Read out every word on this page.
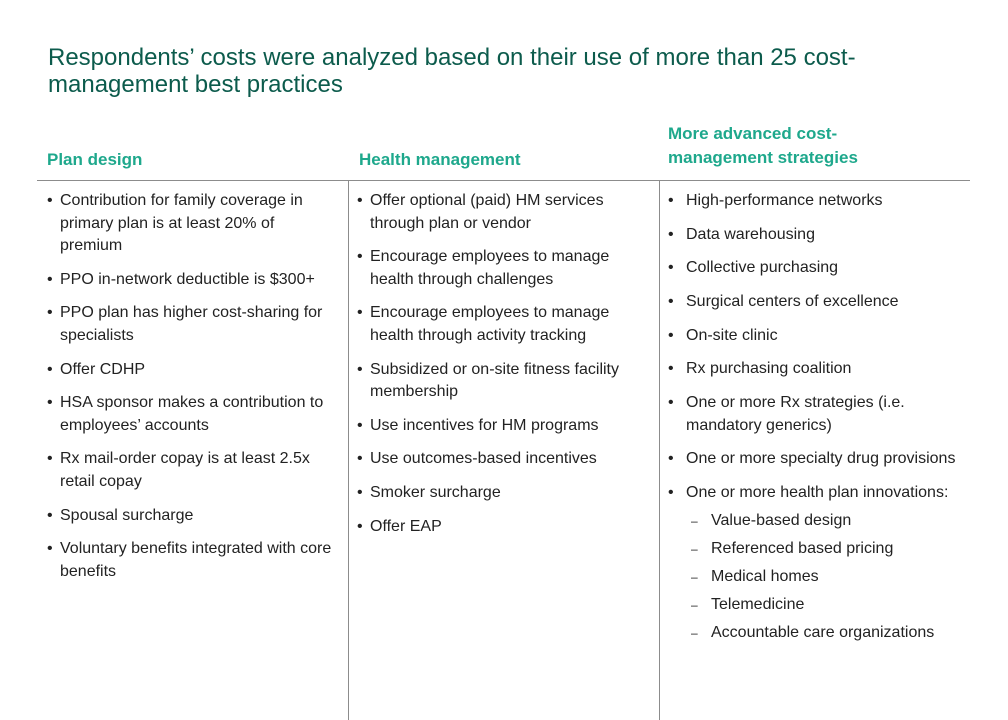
Respondents’ costs were analyzed based on their use of more than 25 cost-management best practices
Plan design	Health management
More advanced cost-management strategies
• Contribution for family coverage in primary plan is at least 20% of premium
• PPO in-network deductible is $300+
• PPO plan has higher cost-sharing for specialists
• Offer CDHP
• HSA sponsor makes a contribution to employees’ accounts
• Rx mail-order copay is at least 2.5x retail copay
• Spousal surcharge
• Voluntary benefits integrated with core benefits
• Offer optional (paid) HM services through plan or vendor
• Encourage employees to manage health through challenges
• Encourage employees to manage health through activity tracking
• Subsidized or on-site fitness facility membership
• Use incentives for HM programs
• Use outcomes-based incentives
• Smoker surcharge
• Offer EAP
• High-performance networks
• Data warehousing
• Collective purchasing
• Surgical centers of excellence
• On-site clinic
• Rx purchasing coalition
• One or more Rx strategies (i.e. mandatory generics)
• One or more specialty drug provisions
• One or more health plan innovations:
– Value-based design
– Referenced based pricing
– Medical homes
– Telemedicine
– Accountable care organizations
